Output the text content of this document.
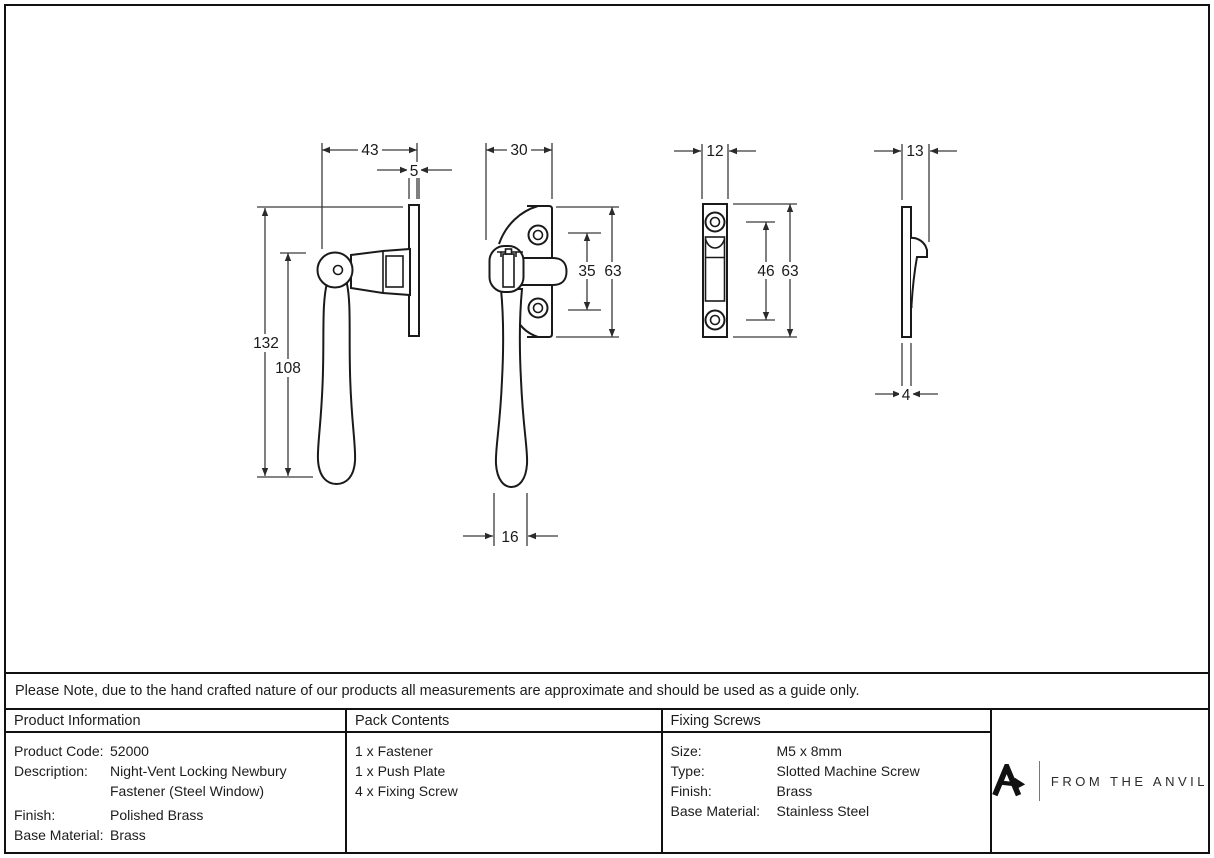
43
5
132
108
30
35 63
16
12
46 63
13
4
Please Note, due to the hand crafted nature of our products all measurements are approximate and should be used as a guide only.
Product Information
Product Code: 52000
Description:	Night-Vent Locking Newbury Fastener (Steel Window)
Finish:	Polished Brass
Base Material: Brass
Pack Contents
1 x Fastener
1 x Push Plate
4 x Fixing Screw
Fixing Screws
Size:	M5 x 8mm
Type:	Slotted Machine Screw
Finish:	Brass
Base Material:	Stainless Steel
FROM THE ANVIL
